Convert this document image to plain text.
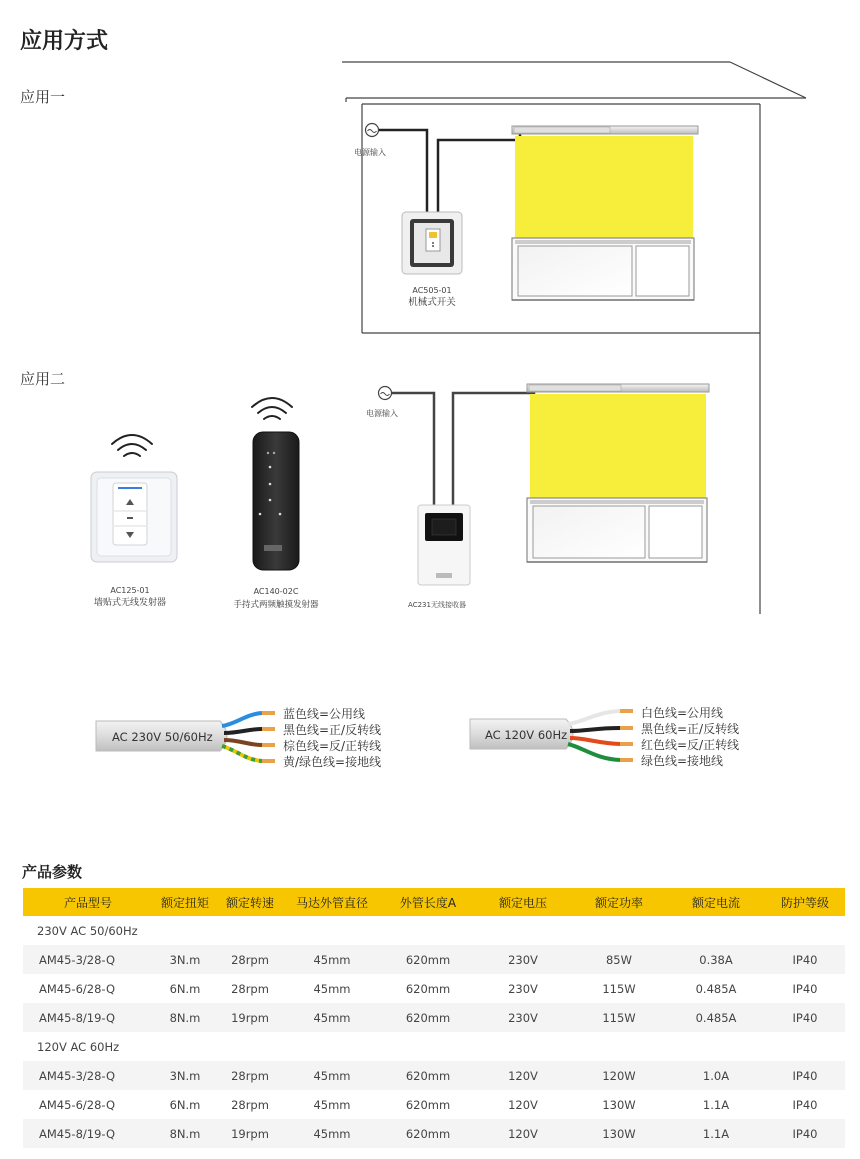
应用方式
应用一
应用二
电源输入
AC505-01
机械式开关
AC125-01
墙贴式无线发射器
AC140-02C
手持式两频触摸发射器
电源输入
AC231无线接收器
AC 230V 50/60Hz
蓝色线=公用线
黑色线=正/反转线
棕色线=反/正转线
黄/绿色线=接地线
AC 120V 60Hz
白色线=公用线
黑色线=正/反转线
红色线=反/正转线
绿色线=接地线
产品参数
产品型号	额定扭矩	额定转速	马达外管直径	外管长度A	额定电压	额定功率	额定电流	防护等级
230V AC 50/60Hz								
AM45-3/28-Q	3N.m	28rpm	45mm	620mm	230V	85W	0.38A	IP40
AM45-6/28-Q	6N.m	28rpm	45mm	620mm	230V	115W	0.485A	IP40
AM45-8/19-Q	8N.m	19rpm	45mm	620mm	230V	115W	0.485A	IP40
120V AC 60Hz								
AM45-3/28-Q	3N.m	28rpm	45mm	620mm	120V	120W	1.0A	IP40
AM45-6/28-Q	6N.m	28rpm	45mm	620mm	120V	130W	1.1A	IP40
AM45-8/19-Q	8N.m	19rpm	45mm	620mm	120V	130W	1.1A	IP40
